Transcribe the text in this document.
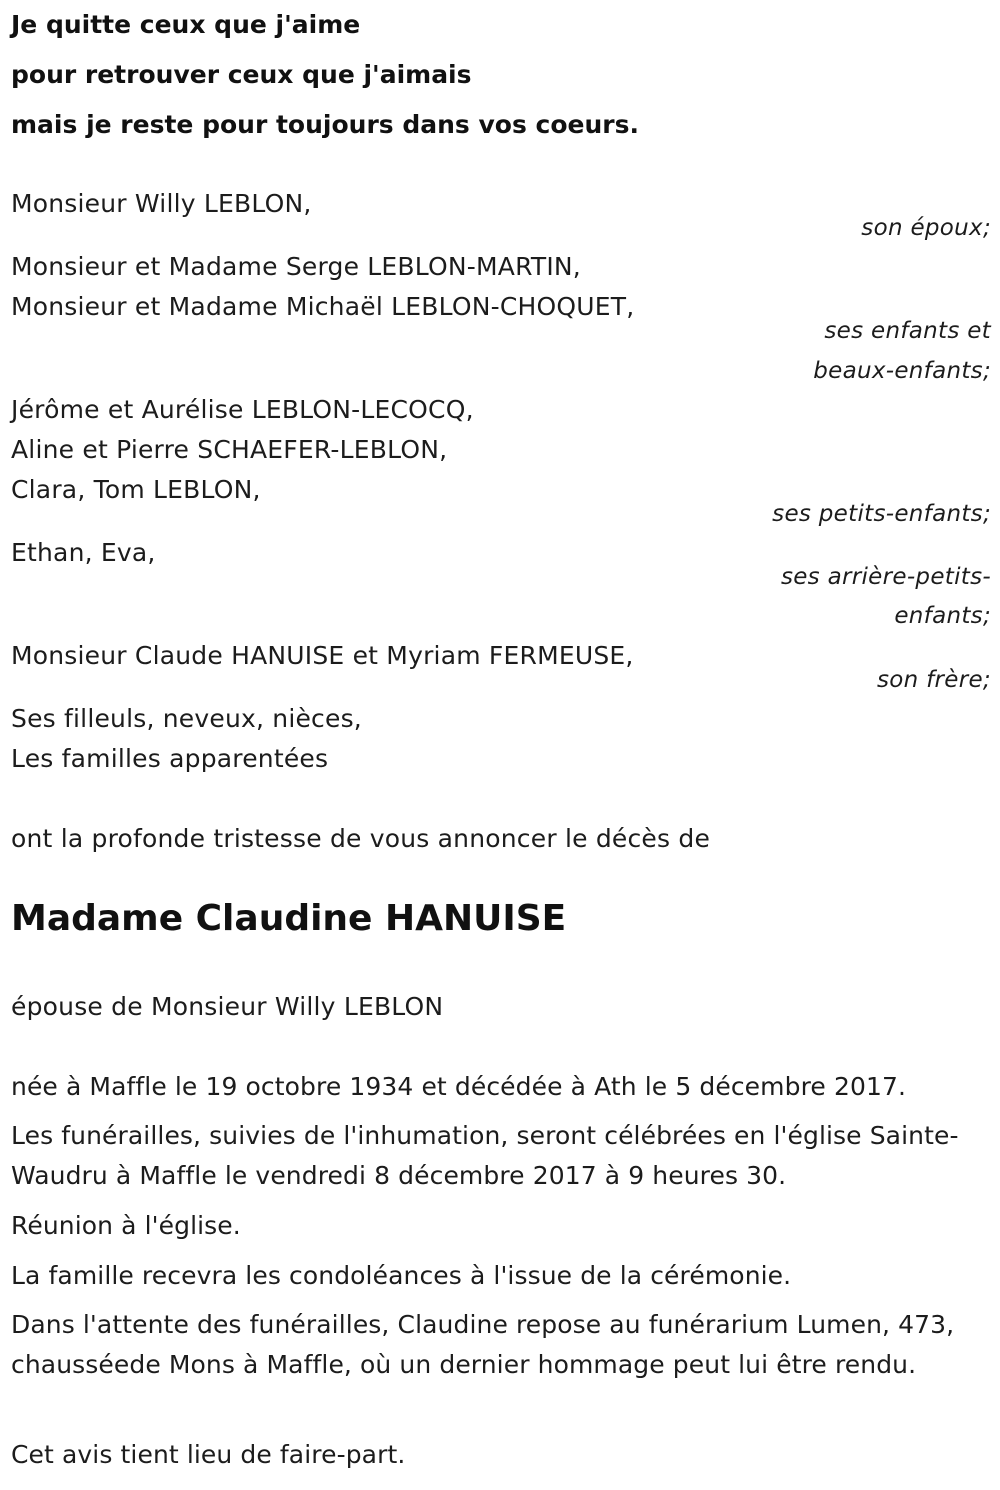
Je quitte ceux que j'aime
pour retrouver ceux que j'aimais
mais je reste pour toujours dans vos coeurs.
Monsieur Willy LEBLON,
son époux;
Monsieur et Madame Serge LEBLON-MARTIN,
Monsieur et Madame Michaël LEBLON-CHOQUET,
ses enfants et
beaux-enfants;
Jérôme et Aurélise LEBLON-LECOCQ,
Aline et Pierre SCHAEFER-LEBLON,
Clara, Tom LEBLON,
ses petits-enfants;
Ethan, Eva,
ses arrière-petits-
enfants;
Monsieur Claude HANUISE et Myriam FERMEUSE,
son frère;
Ses filleuls, neveux, nièces,
Les familles apparentées
ont la profonde tristesse de vous annoncer le décès de
Madame Claudine HANUISE
épouse de Monsieur Willy LEBLON
née à Maffle le 19 octobre 1934 et décédée à Ath le 5 décembre 2017.
Les funérailles, suivies de l'inhumation, seront célébrées en l'église Sainte-Waudru à Maffle le vendredi 8 décembre 2017 à 9 heures 30.
Réunion à l'église.
La famille recevra les condoléances à l'issue de la cérémonie.
Dans l'attente des funérailles, Claudine repose au funérarium Lumen, 473, chausséede Mons à Maffle, où un dernier hommage peut lui être rendu.
Cet avis tient lieu de faire-part.
